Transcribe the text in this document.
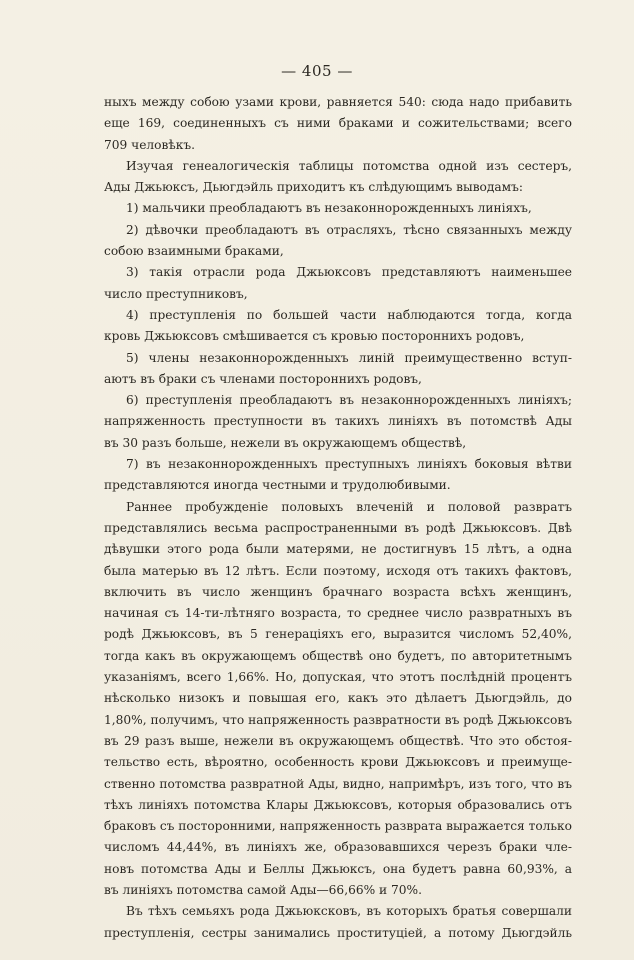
— 405 —
ныхъ между собою узами крови, равняется 540: сюда надо прибавить
еще 169, соединенныхъ съ ними браками и сожительствами; всего
709 человѣкъ.
Изучая генеалогическія таблицы потомства одной изъ сестеръ,
Ады Джьюксъ, Дьюгдэйль приходитъ къ слѣдующимъ выводамъ:
1) мальчики преобладаютъ въ незаконнорожденныхъ линіяхъ,
2) дѣвочки преобладаютъ въ отрасляхъ, тѣсно связанныхъ между
собою взаимными браками,
3) такія отрасли рода Джьюксовъ представляютъ наименьшее
число преступниковъ,
4) преступленія по большей части наблюдаются тогда, когда
кровь Джьюксовъ смѣшивается съ кровью постороннихъ родовъ,
5) члены незаконнорожденныхъ линій преимущественно вступ-
аютъ въ браки съ членами постороннихъ родовъ,
6) преступленія преобладаютъ въ незаконнорожденныхъ линіяхъ;
напряженность преступности въ такихъ линіяхъ въ потомствѣ Ады
въ 30 разъ больше, нежели въ окружающемъ обществѣ,
7) въ незаконнорожденныхъ преступныхъ линіяхъ боковыя вѣтви
представляются иногда честными и трудолюбивыми.
Раннее пробужденіе половыхъ влеченій и половой развратъ
представлялись весьма распространенными въ родѣ Джьюксовъ. Двѣ
дѣвушки этого рода были матерями, не достигнувъ 15 лѣтъ, а одна
была матерью въ 12 лѣтъ. Если поэтому, исходя отъ такихъ фактовъ,
включить въ число женщинъ брачнаго возраста всѣхъ женщинъ,
начиная съ 14-ти-лѣтняго возраста, то среднее число развратныхъ въ
родѣ Джьюксовъ, въ 5 генераціяхъ его, выразится числомъ 52,40%,
тогда какъ въ окружающемъ обществѣ оно будетъ, по авторитетнымъ
указаніямъ, всего 1,66%. Но, допуская, что этотъ послѣдній процентъ
нѣсколько низокъ и повышая его, какъ это дѣлаетъ Дьюгдэйль, до
1,80%, получимъ, что напряженность развратности въ родѣ Джьюксовъ
въ 29 разъ выше, нежели въ окружающемъ обществѣ. Что это обстоя-
тельство есть, вѣроятно, особенность крови Джьюксовъ и преимуще-
ственно потомства развратной Ады, видно, напримѣръ, изъ того, что въ
тѣхъ линіяхъ потомства Клары Джьюксовъ, которыя образовались отъ
браковъ съ посторонними, напряженность разврата выражается только
числомъ 44,44%, въ линіяхъ же, образовавшихся черезъ браки чле-
новъ потомства Ады и Беллы Джьюксъ, она будетъ равна 60,93%, а
въ линіяхъ потомства самой Ады—66,66% и 70%.
Въ тѣхъ семьяхъ рода Джьюксковъ, въ которыхъ братья совершали
преступленія, сестры занимались проституціей, а потому Дьюгдэйль
